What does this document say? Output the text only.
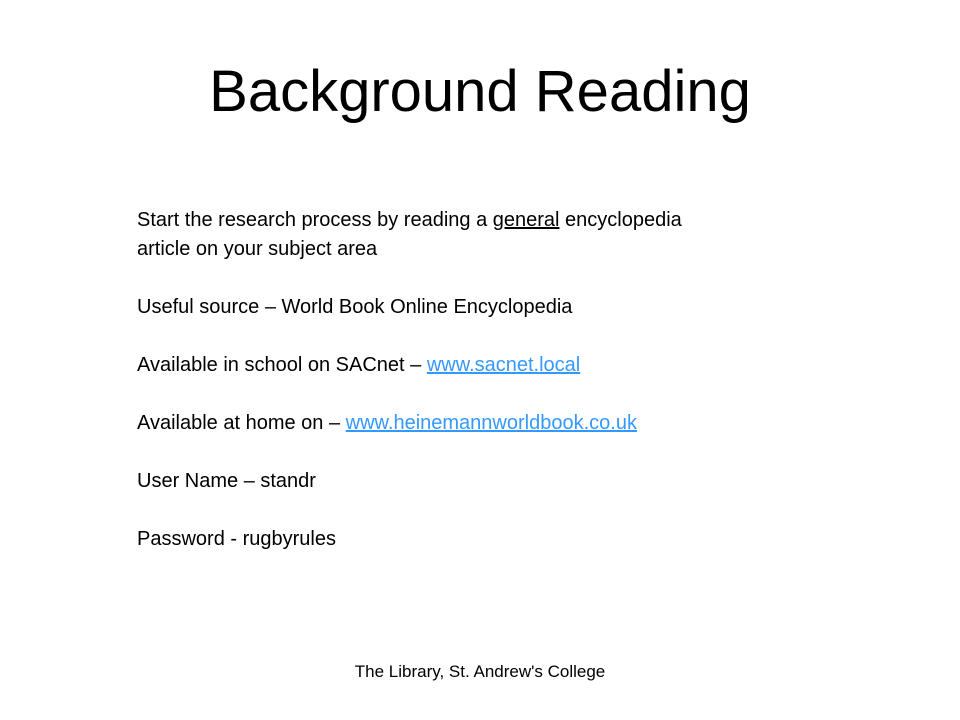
Background Reading

Start the research process by reading a general encyclopedia
article on your subject area

Useful source – World Book Online Encyclopedia

Available in school on SACnet – www.sacnet.local

Available at home on – www.heinemannworldbook.co.uk

User Name – standr

Password - rugbyrules

The Library, St. Andrew's College
